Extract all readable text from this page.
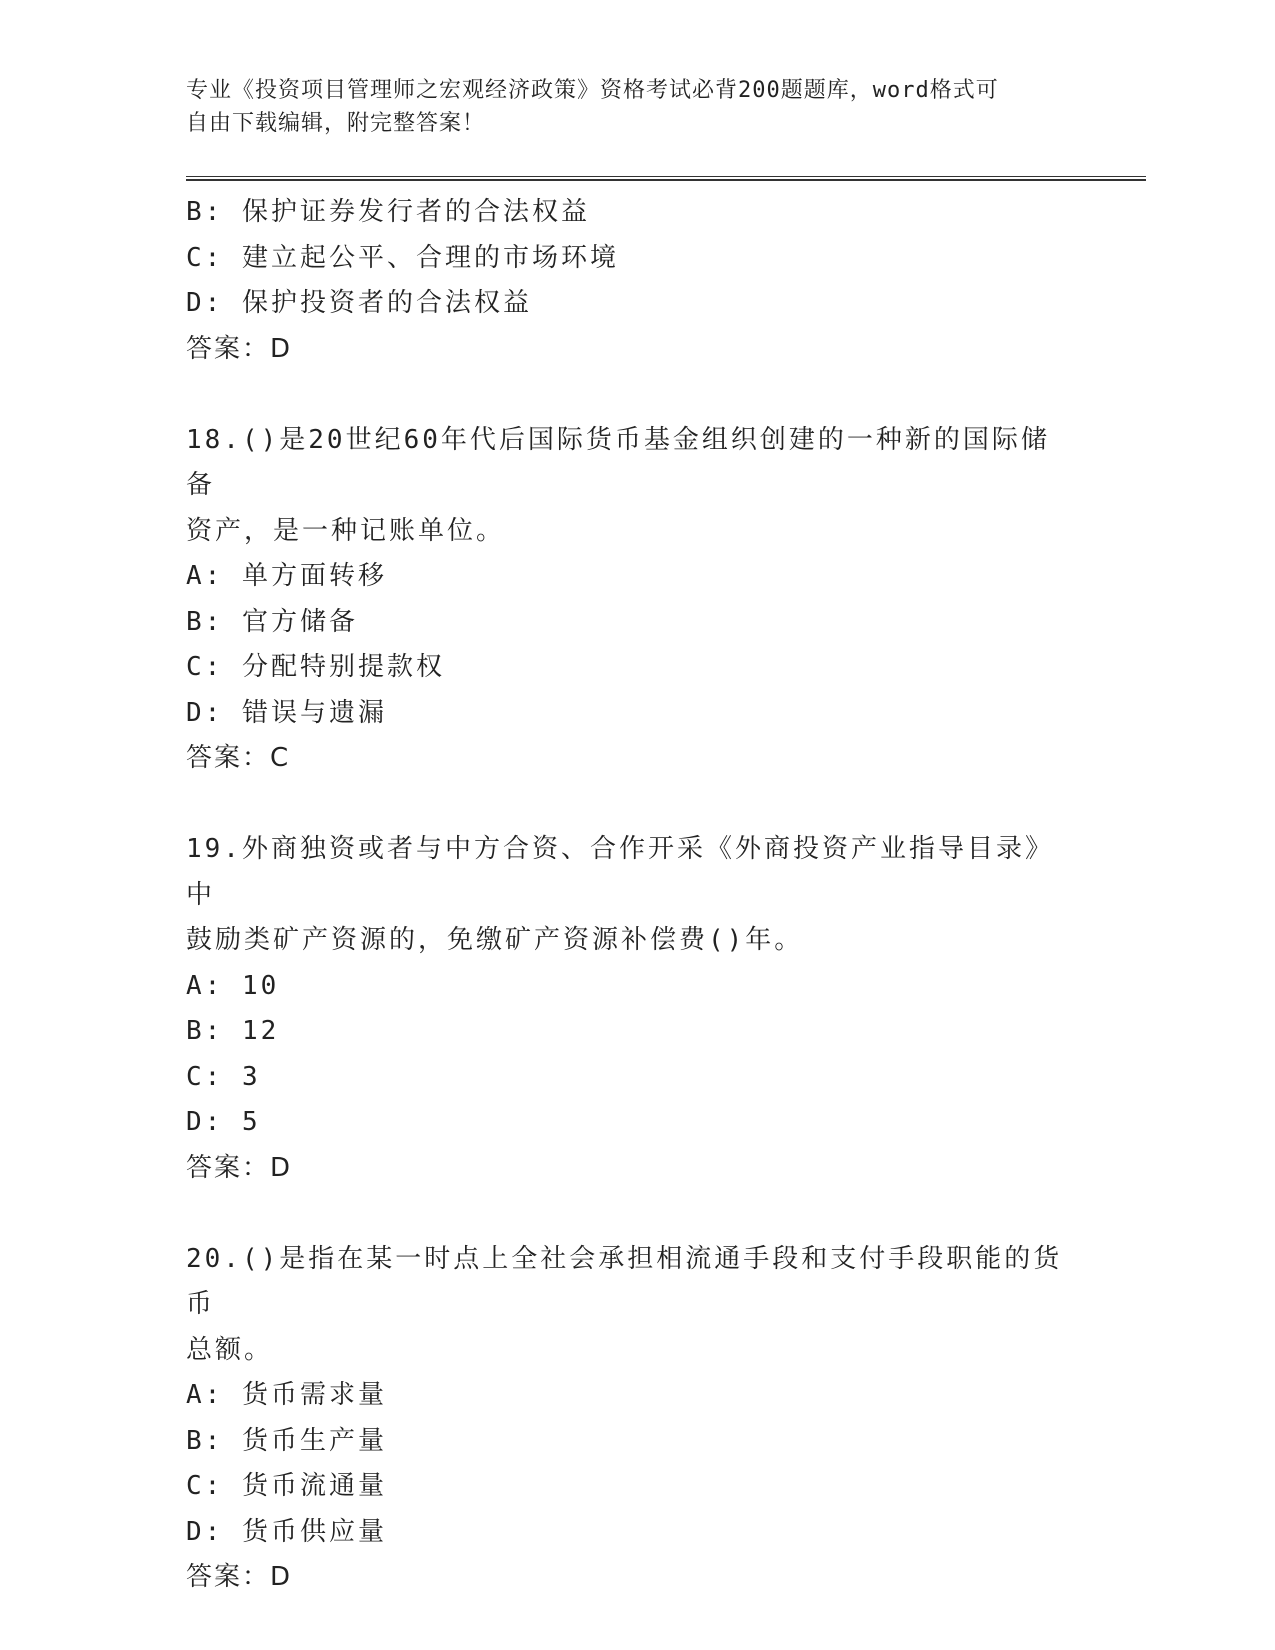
专业《投资项目管理师之宏观经济政策》资格考试必背200题题库，word格式可
自由下载编辑，附完整答案！
B: 保护证券发行者的合法权益
C: 建立起公平、合理的市场环境
D: 保护投资者的合法权益
答案：D
18.()是20世纪60年代后国际货币基金组织创建的一种新的国际储备
资产，是一种记账单位。
A: 单方面转移
B: 官方储备
C: 分配特别提款权
D: 错误与遗漏
答案：C
19.外商独资或者与中方合资、合作开采《外商投资产业指导目录》中
鼓励类矿产资源的，免缴矿产资源补偿费()年。
A: 10
B: 12
C: 3
D: 5
答案：D
20.()是指在某一时点上全社会承担相流通手段和支付手段职能的货币
总额。
A: 货币需求量
B: 货币生产量
C: 货币流通量
D: 货币供应量
答案：D
